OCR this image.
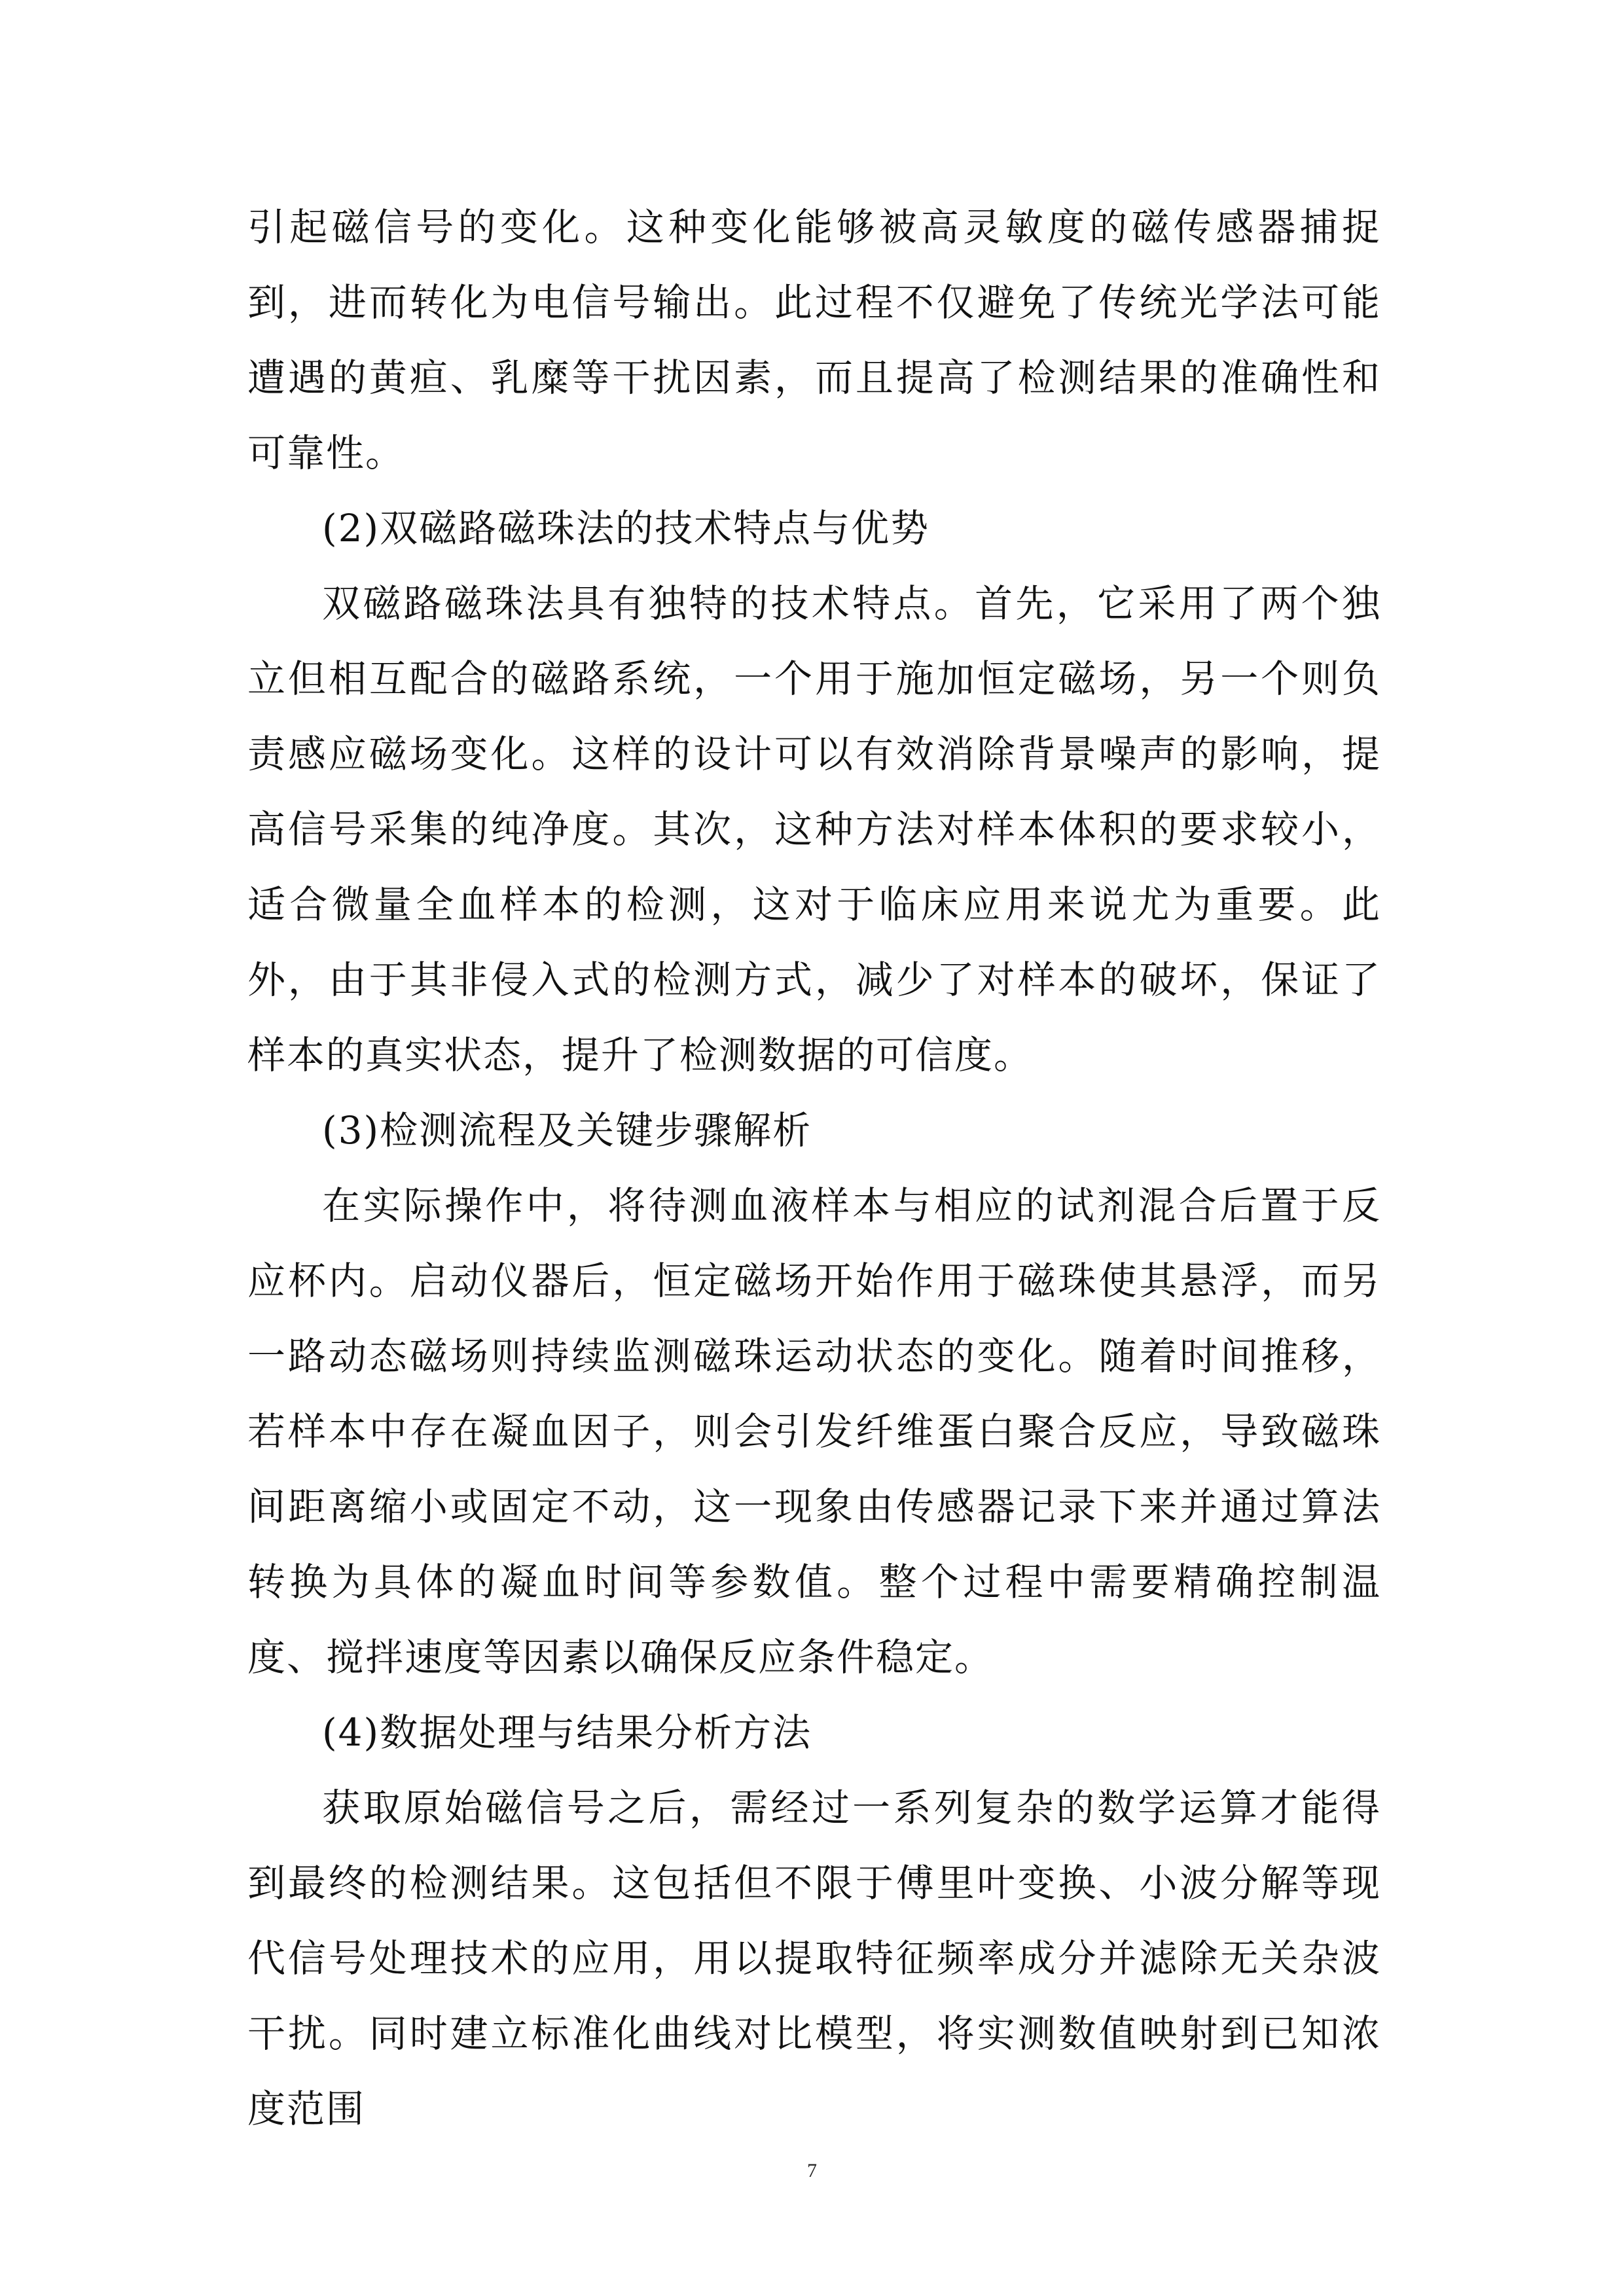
引起磁信号的变化。这种变化能够被高灵敏度的磁传感器捕捉到，进而转化为电信号输出。此过程不仅避免了传统光学法可能遭遇的黄疸、乳糜等干扰因素，而且提高了检测结果的准确性和可靠性。

(2)双磁路磁珠法的技术特点与优势

双磁路磁珠法具有独特的技术特点。首先，它采用了两个独立但相互配合的磁路系统，一个用于施加恒定磁场，另一个则负责感应磁场变化。这样的设计可以有效消除背景噪声的影响，提高信号采集的纯净度。其次，这种方法对样本体积的要求较小，适合微量全血样本的检测，这对于临床应用来说尤为重要。此外，由于其非侵入式的检测方式，减少了对样本的破坏，保证了样本的真实状态，提升了检测数据的可信度。

(3)检测流程及关键步骤解析

在实际操作中，将待测血液样本与相应的试剂混合后置于反应杯内。启动仪器后，恒定磁场开始作用于磁珠使其悬浮，而另一路动态磁场则持续监测磁珠运动状态的变化。随着时间推移，若样本中存在凝血因子，则会引发纤维蛋白聚合反应，导致磁珠间距离缩小或固定不动，这一现象由传感器记录下来并通过算法转换为具体的凝血时间等参数值。整个过程中需要精确控制温度、搅拌速度等因素以确保反应条件稳定。

(4)数据处理与结果分析方法

获取原始磁信号之后，需经过一系列复杂的数学运算才能得到最终的检测结果。这包括但不限于傅里叶变换、小波分解等现代信号处理技术的应用，用以提取特征频率成分并滤除无关杂波干扰。同时建立标准化曲线对比模型，将实测数值映射到已知浓度范围

7
